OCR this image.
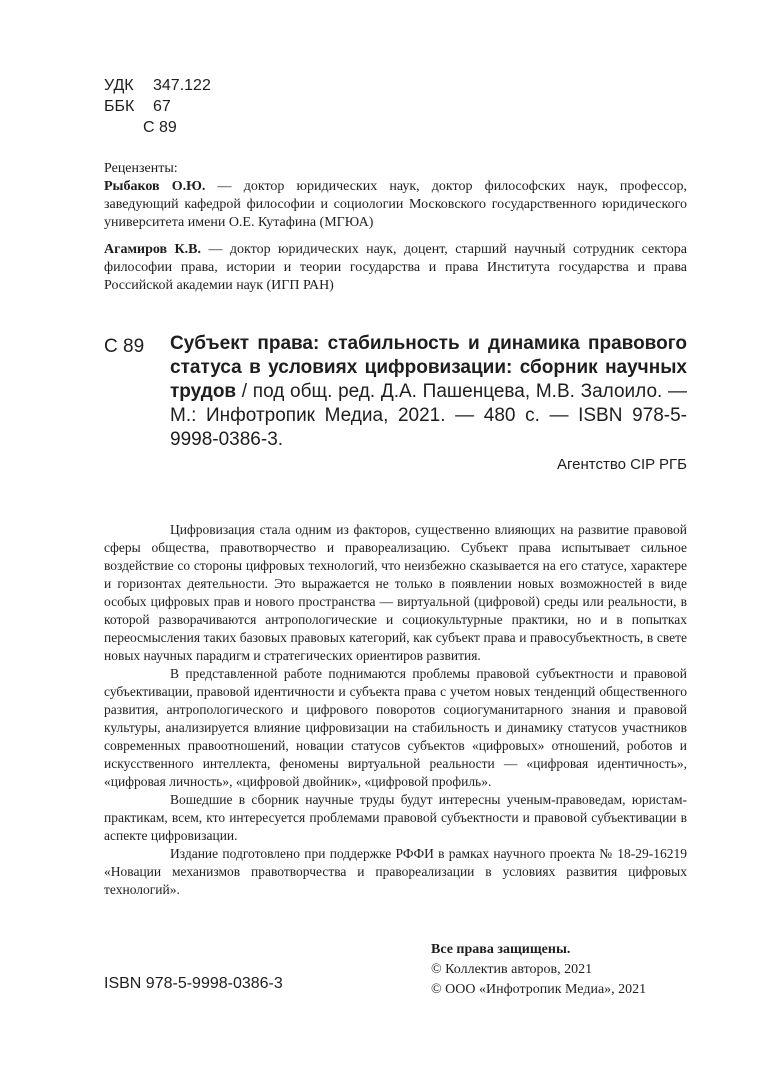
УДК 347.122
ББК 67
С 89

Рецензенты:

Рыбаков О.Ю. — доктор юридических наук, доктор философских наук, профессор, заведующий кафедрой философии и социологии Московского государственного юридического университета имени О.Е. Кутафина (МГЮА)

Агамиров К.В. — доктор юридических наук, доцент, старший научный сотрудник сектора философии права, истории и теории государства и права Института государства и права Российской академии наук (ИГП РАН)

С 89 Субъект права: стабильность и динамика правового статуса в условиях цифровизации: сборник научных трудов / под общ. ред. Д.А. Пашенцева, М.В. Залоило. — М.: Инфотропик Медиа, 2021. — 480 с. — ISBN 978-5-9998-0386-3.
Агентство CIP РГБ

Цифровизация стала одним из факторов, существенно влияющих на развитие правовой сферы общества, правотворчество и правореализацию. Субъект права испытывает сильное воздействие со стороны цифровых технологий, что неизбежно сказывается на его статусе, характере и горизонтах деятельности. Это выражается не только в появлении новых возможностей в виде особых цифровых прав и нового пространства — виртуальной (цифровой) среды или реальности, в которой разворачиваются антропологические и социокультурные практики, но и в попытках переосмысления таких базовых правовых категорий, как субъект права и правосубъектность, в свете новых научных парадигм и стратегических ориентиров развития.

В представленной работе поднимаются проблемы правовой субъектности и правовой субъективации, правовой идентичности и субъекта права с учетом новых тенденций общественного развития, антропологического и цифрового поворотов социогуманитарного знания и правовой культуры, анализируется влияние цифровизации на стабильность и динамику статусов участников современных правоотношений, новации статусов субъектов «цифровых» отношений, роботов и искусственного интеллекта, феномены виртуальной реальности — «цифровая идентичность», «цифровая личность», «цифровой двойник», «цифровой профиль».

Вошедшие в сборник научные труды будут интересны ученым-правоведам, юристам-практикам, всем, кто интересуется проблемами правовой субъектности и правовой субъективации в аспекте цифровизации.

Издание подготовлено при поддержке РФФИ в рамках научного проекта № 18-29-16219 «Новации механизмов правотворчества и правореализации в условиях развития цифровых технологий».

ISBN 978-5-9998-0386-3
Все права защищены.
© Коллектив авторов, 2021
© ООО «Инфотропик Медиа», 2021
